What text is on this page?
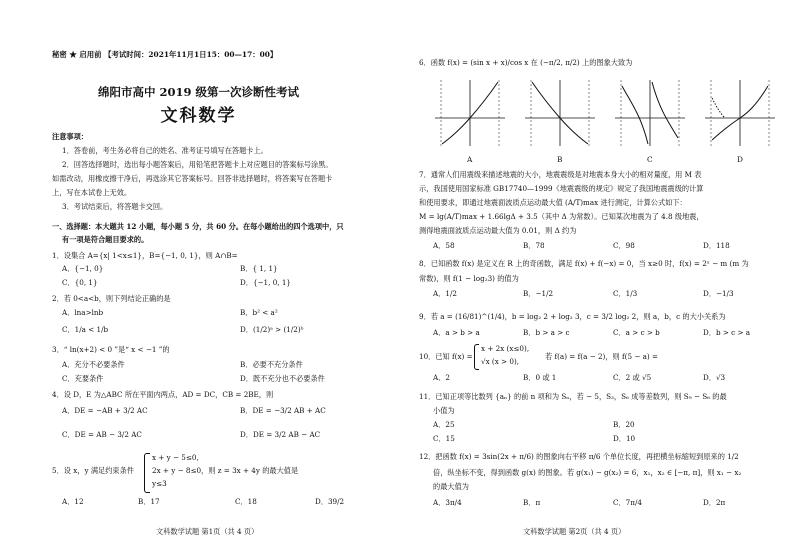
秘密 ★ 启用前 【考试时间：2021年11月1日15：00—17：00】
绵阳市高中 2019 级第一次诊断性考试
文科数学
注意事项：
1．答卷前，考生务必将自己的姓名、准考证号填写在答题卡上。
2．回答选择题时，选出每小题答案后，用铅笔把答题卡上对应题目的答案标号涂黑。
如需改动，用橡皮擦干净后，再选涂其它答案标号。回答非选择题时，将答案写在答题卡
上，写在本试卷上无效。
3．考试结束后，将答题卡交回。
一、选择题：本大题共 12 小题，每小题 5 分，共 60 分。在每小题给出的四个选项中，只
有一项是符合题目要求的。
1．设集合 A={x| 1<x≤1}，B={−1, 0, 1}，则 A∩B=
A．{−1, 0}	B．{ 1, 1}
C．{0, 1}	D．{−1, 0, 1}
2．若 0<a<b，则下列结论正确的是
A．lna>lnb	B．b² < a²
C．1/a < 1/b	D．(1/2)ᵃ > (1/2)ᵇ
3．“ ln(x+2) < 0 ”是“ x < −1 ”的
A．充分不必要条件	B．必要不充分条件
C．充要条件	D．既不充分也不必要条件
4．设 D，E 为△ABC 所在平面内两点，AD = DC，CB = 2BE，则
A．DE = −AB + 3/2 AC	B．DE = −3/2 AB + AC
C．DE = AB − 3/2 AC	D．DE = 3/2 AB − AC
5．设 x，y 满足约束条件
x + y − 5≤0,
2x + y − 8≤0，则 z = 3x + 4y 的最大值是
y≤3
A．12	B．17	C．18	D．39/2
文科数学试题 第1页（共 4 页）
6．函数 f(x) = (sin x + x)/cos x 在 (−π/2, π/2) 上的图象大致为
A	B	C	D
7．通常人们用震级来描述地震的大小，地震震级是对地震本身大小的相对量度，用 M 表
示，我国使用国家标准 GB17740—1999《地震震级的规定》规定了我国地震震级的计算
和使用要求，即通过地震面波质点运动最大值 (A/T)max 进行测定，计算公式如下：
M = lg(A/T)max + 1.66lgΔ + 3.5（其中 Δ 为常数）。已知某次地震为了 4.8 级地震，
测得地震面波质点运动最大值为 0.01，则 Δ 约为
A．58	B．78	C．98	D．118
8．已知函数 f(x) 是定义在 R 上的奇函数，满足 f(x) + f(−x) = 0，当 x≥0 时，f(x) = 2ˣ − m (m 为
常数)，则 f(1 − log₂3) 的值为
A．1/2	B．−1/2	C．1/3	D．−1/3
9．若 a = (16/81)^(1/4)，b = log₂ 2 + log₂ 3，c = 3/2 log₂ 2，则 a，b，c 的大小关系为
A．a > b > a	B．b > a > c	C．a > c > b	D．b > c > a
10．已知 f(x) =
x + 2x (x≤0),
√x (x > 0),
若 f(a) = f(a − 2)，则 f(5 − a) =
A．2	B．0 或 1	C．2 或 √5	D．√3
11．已知正项等比数列 {aₙ} 的前 n 项和为 Sₙ，若 − 5，S₃，S₆ 成等差数列，则 S₉ − S₆ 的最
小值为
A．25	B．20
C．15	D．10
12．把函数 f(x) = 3sin(2x + π/6) 的图象向右平移 π/6 个单位长度，再把横坐标缩短到原来的 1/2
倍，纵坐标不变，得到函数 g(x) 的图象。若 g(x₁) − g(x₂) = 6，x₁，x₂ ∈ [−π, π]，则 x₁ − x₂
的最大值为
A．3π/4	B．π	C．7π/4	D．2π
文科数学试题 第2页（共 4 页）
